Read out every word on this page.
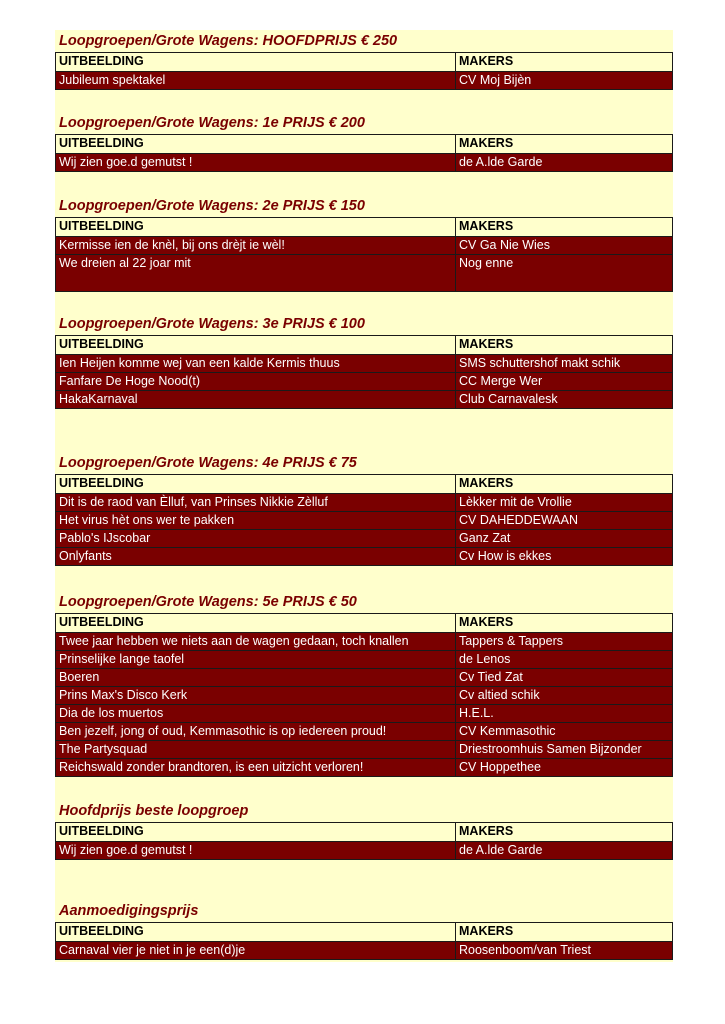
Loopgroepen/Grote Wagens: HOOFDPRIJS € 250
UITBEELDING	MAKERS
Jubileum spektakel	CV Moj Bijèn
Loopgroepen/Grote Wagens: 1e PRIJS € 200
UITBEELDING	MAKERS
Wij zien goe.d gemutst !	de A.lde Garde
Loopgroepen/Grote Wagens: 2e PRIJS € 150
UITBEELDING	MAKERS
Kermisse ien de knèl, bij ons drèjt ie wèl!	CV Ga Nie Wies
We dreien al 22 joar mit	Nog enne
Loopgroepen/Grote Wagens: 3e PRIJS € 100
UITBEELDING	MAKERS
Ien Heijen komme wej van een kalde Kermis thuus	SMS schuttershof makt schik
Fanfare De Hoge Nood(t)	CC Merge Wer
HakaKarnaval	Club Carnavalesk
Loopgroepen/Grote Wagens: 4e PRIJS € 75
UITBEELDING	MAKERS
Dit is de raod van Èlluf, van Prinses Nikkie Zèlluf	Lèkker mit de Vrollie
Het virus hèt ons wer te pakken	CV DAHEDDEWAAN
Pablo's IJscobar	Ganz Zat
Onlyfants	Cv How is ekkes
Loopgroepen/Grote Wagens: 5e PRIJS € 50
UITBEELDING	MAKERS
Twee jaar hebben we niets aan de wagen gedaan, toch knallen	Tappers & Tappers
Prinselijke lange taofel	de Lenos
Boeren	Cv Tied Zat
Prins Max's Disco Kerk	Cv altied schik
Dia de los muertos	H.E.L.
Ben jezelf, jong of oud, Kemmasothic is op iedereen proud!	CV Kemmasothic
The Partysquad	Driestroomhuis Samen Bijzonder
Reichswald zonder brandtoren, is een uitzicht verloren!	CV Hoppethee
Hoofdprijs beste loopgroep
UITBEELDING	MAKERS
Wij zien goe.d gemutst !	de A.lde Garde
Aanmoedigingsprijs
UITBEELDING	MAKERS
Carnaval vier je niet in je een(d)je	Roosenboom/van Triest
